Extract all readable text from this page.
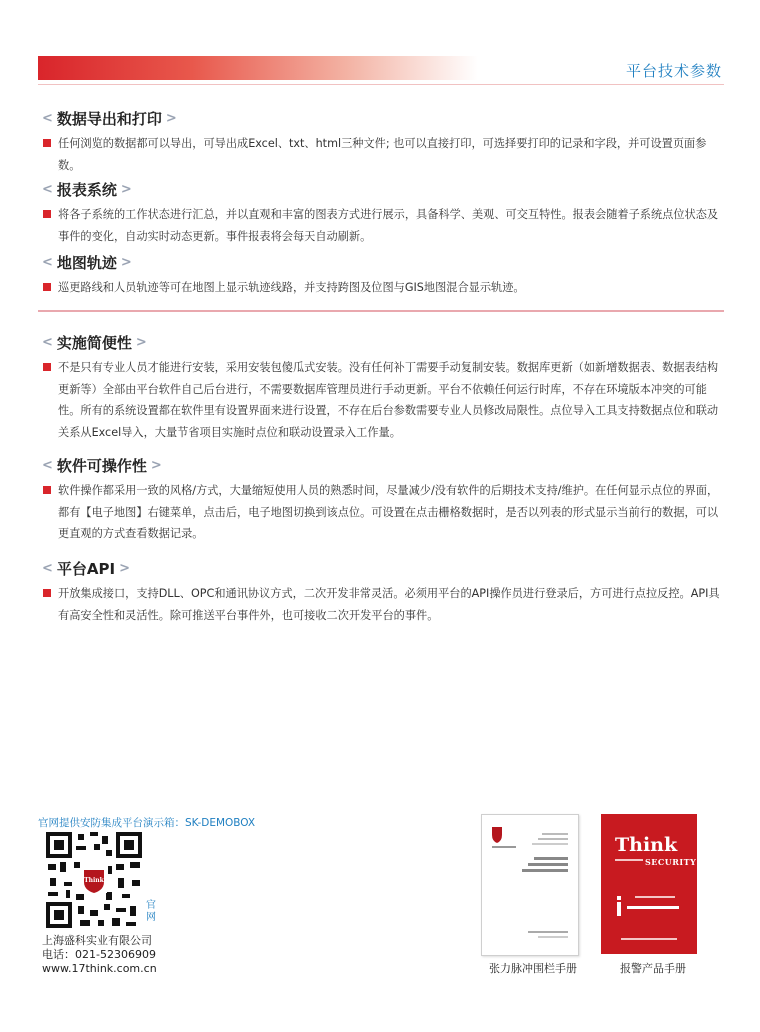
平台技术参数
< 数据导出和打印 >
任何浏览的数据都可以导出，可导出成Excel、txt、html三种文件; 也可以直接打印，可选择要打印的记录和字段，并可设置页面参数。
< 报表系统 >
将各子系统的工作状态进行汇总，并以直观和丰富的图表方式进行展示，具备科学、美观、可交互特性。报表会随着子系统点位状态及事件的变化，自动实时动态更新。事件报表将会每天自动刷新。
< 地图轨迹 >
巡更路线和人员轨迹等可在地图上显示轨迹线路，并支持跨图及位图与GIS地图混合显示轨迹。
< 实施简便性 >
不是只有专业人员才能进行安装，采用安装包傻瓜式安装。没有任何补丁需要手动复制安装。数据库更新（如新增数据表、数据表结构更新等）全部由平台软件自己后台进行，不需要数据库管理员进行手动更新。平台不依赖任何运行时库，不存在环境版本冲突的可能性。所有的系统设置都在软件里有设置界面来进行设置，不存在后台参数需要专业人员修改局限性。点位导入工具支持数据点位和联动关系从Excel导入，大量节省项目实施时点位和联动设置录入工作量。
< 软件可操作性 >
软件操作都采用一致的风格/方式，大量缩短使用人员的熟悉时间，尽量减少/没有软件的后期技术支持/维护。在任何显示点位的界面，都有【电子地图】右键菜单，点击后，电子地图切换到该点位。可设置在点击栅格数据时，是否以列表的形式显示当前行的数据，可以更直观的方式查看数据记录。
< 平台API >
开放集成接口，支持DLL、OPC和通讯协议方式，二次开发非常灵活。必须用平台的API操作员进行登录后，方可进行点拉反控。API具有高安全性和灵活性。除可推送平台事件外，也可接收二次开发平台的事件。
官网提供安防集成平台演示箱：SK-DEMOBOX
Think
官网
上海盛科实业有限公司
电话：021-52306909
www.17think.com.cn
Think
SECURITY
张力脉冲围栏手册	报警产品手册
